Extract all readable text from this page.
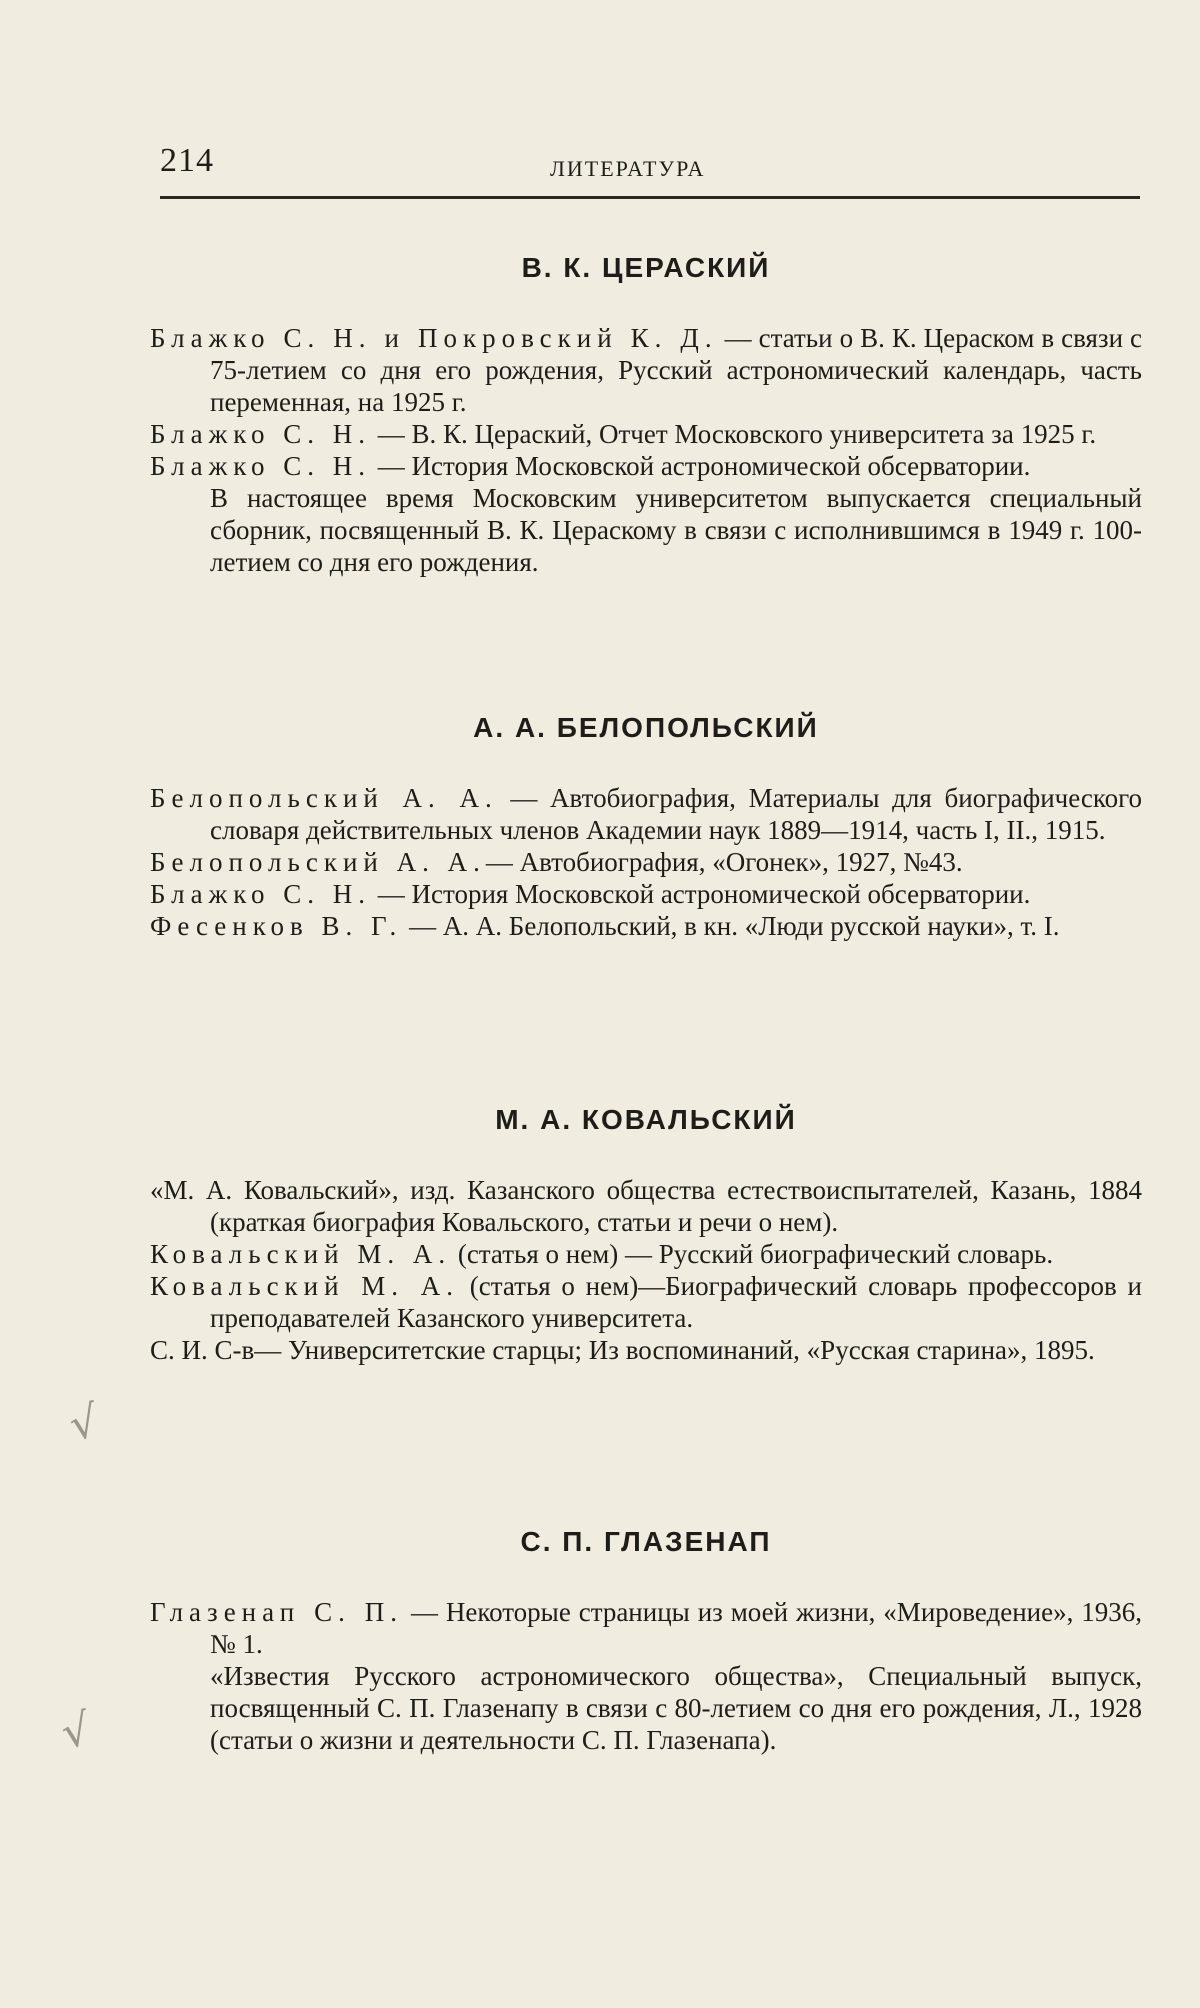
214	ЛИТЕРАТУРА
В. К. ЦЕРАСКИЙ

Блажко С. Н. и Покровский К. Д. — статьи о В. К. Цераском в связи с 75-летием со дня его рождения, Русский астрономический календарь, часть переменная, на 1925 г.

Блажко С. Н. — В. К. Цераский, Отчет Московского университета за 1925 г.

Блажко С. Н. — История Московской астрономической обсерватории.

В настоящее время Московским университетом выпускается специальный сборник, посвященный В. К. Цераскому в связи с исполнившимся в 1949 г. 100-летием со дня его рождения.

А. А. БЕЛОПОЛЬСКИЙ

Белопольский А. А. — Автобиография, Материалы для биографического словаря действительных членов Академии наук 1889—1914, часть I, II., 1915.

Белопольский А. А.— Автобиография, «Огонек», 1927, №43.

Блажко С. Н. — История Московской астрономической обсерватории.

Фесенков В. Г. — А. А. Белопольский, в кн. «Люди русской науки», т. I.

М. А. КОВАЛЬСКИЙ

«М. А. Ковальский», изд. Казанского общества естествоиспытателей, Казань, 1884 (краткая биография Ковальского, статьи и речи о нем).

Ковальский М. А. (статья о нем) — Русский биографический словарь.

Ковальский М. А. (статья о нем)—Биографический словарь профессоров и преподавателей Казанского университета.

С. И. С-в— Университетские старцы; Из воспоминаний, «Русская старина», 1895.

С. П. ГЛАЗЕНАП

Глазенап С. П. — Некоторые страницы из моей жизни, «Мироведение», 1936, № 1.

«Известия Русского астрономического общества», Специальный выпуск, посвященный С. П. Глазенапу в связи с 80-летием со дня его рождения, Л., 1928 (статьи о жизни и деятельности С. П. Глазенапа).

√
√
